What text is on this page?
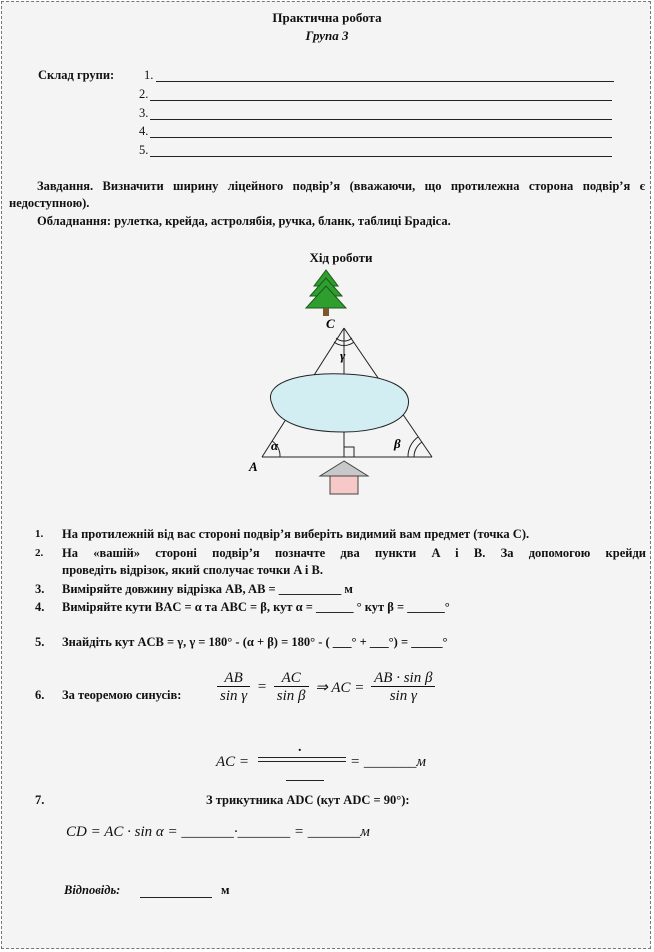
Практична робота
Група 3
Склад групи: 1.
2.
3.
4.
5.
Завдання. Визначити ширину ліцейного подвір’я (вважаючи, що протилежна сторона подвір’я є недоступною).
Обладнання: рулетка, крейда, астролябія, ручка, бланк, таблиці Брадіса.
Хід роботи
C
A
α	β
γ
1. На протилежній від вас стороні подвір’я виберіть видимий вам предмет (точка C).
2. На «вашій» стороні подвір’я позначте два пункти A і B. За допомогою крейди
проведіть відрізок, який сполучає точки A і B.
3. Виміряйте довжину відрізка AB, AB = __________ м
4. Виміряйте кути BAC = α та ABC = β, кут α = ______ ° кут β = ______°
5. Знайдіть кут ACB = γ, γ = 180° - (α + β) = 180° - ( ___° + ___°) = _____°
6. За теоремою синусів: $\frac{AB}{\text{sin γ}} = \frac{AC}{\text{sin β}}$ ⇒ AC = $\frac{\text{AB · sin β}}{\text{sin γ}}$
AC =
.
= _______м
7.	З трикутника ADC (кут ADC = 90°):
CD = AC · sin α = _______·_______ = _______м
Відповідь:	м
